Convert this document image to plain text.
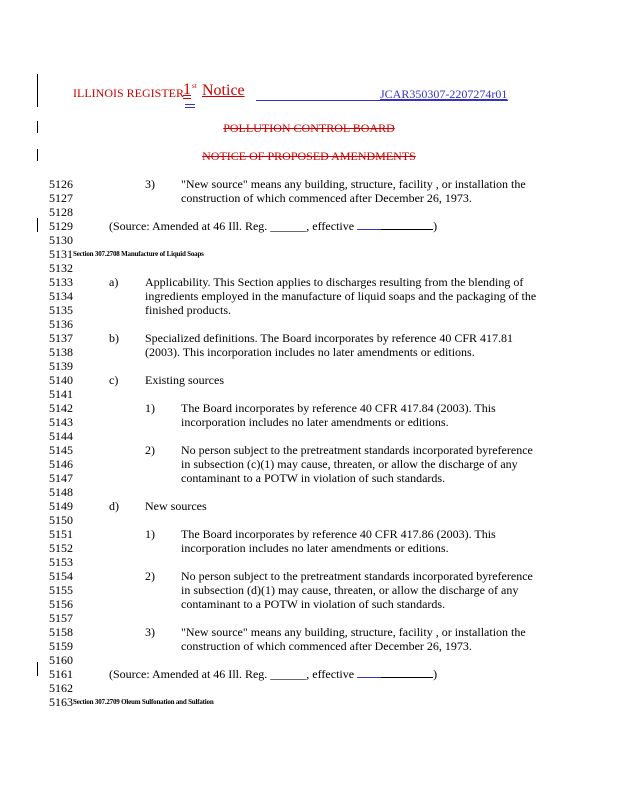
ILLINOIS REGISTER 1 st Notice	JCAR350307-2207274r01
POLLUTION CONTROL BOARD
NOTICE OF PROPOSED AMENDMENTS
5126
5127
5128
5129
5130
5131
5132
5133
5134
5135
5136
5137
5138
5139
5140
5141
5142
5143
5144
5145
5146
5147
5148
5149
5150
5151
5152
5153
5154
5155
5156
5157
5158
5159
5160
5161
5162
5163
3) "New source" means any building, structure, facility , or installation the
construction of which commenced after December 26, 1973.
(Source: Amended at 46 Ill. Reg. ______, effective	)
Section 307.2708 Manufacture of Liquid Soaps
a) Applicability. This Section applies to discharges resulting from the blending of
ingredients employed in the manufacture of liquid soaps and the packaging of the
finished products.
b) Specialized definitions. The Board incorporates by reference 40 CFR 417.81
(2003). This incorporation includes no later amendments or editions.
c) Existing sources
1) The Board incorporates by reference 40 CFR 417.84 (2003). This
incorporation includes no later amendments or editions.
2) No person subject to the pretreatment standards incorporated byreference
in subsection (c)(1) may cause, threaten, or allow the discharge of any
contaminant to a POTW in violation of such standards.
d) New sources
1) The Board incorporates by reference 40 CFR 417.86 (2003). This
incorporation includes no later amendments or editions.
2) No person subject to the pretreatment standards incorporated byreference
in subsection (d)(1) may cause, threaten, or allow the discharge of any
contaminant to a POTW in violation of such standards.
3) "New source" means any building, structure, facility , or installation the
construction of which commenced after December 26, 1973.
(Source: Amended at 46 Ill. Reg. ______, effective	)
Section 307.2709 Oleum Sulfonation and Sulfation
